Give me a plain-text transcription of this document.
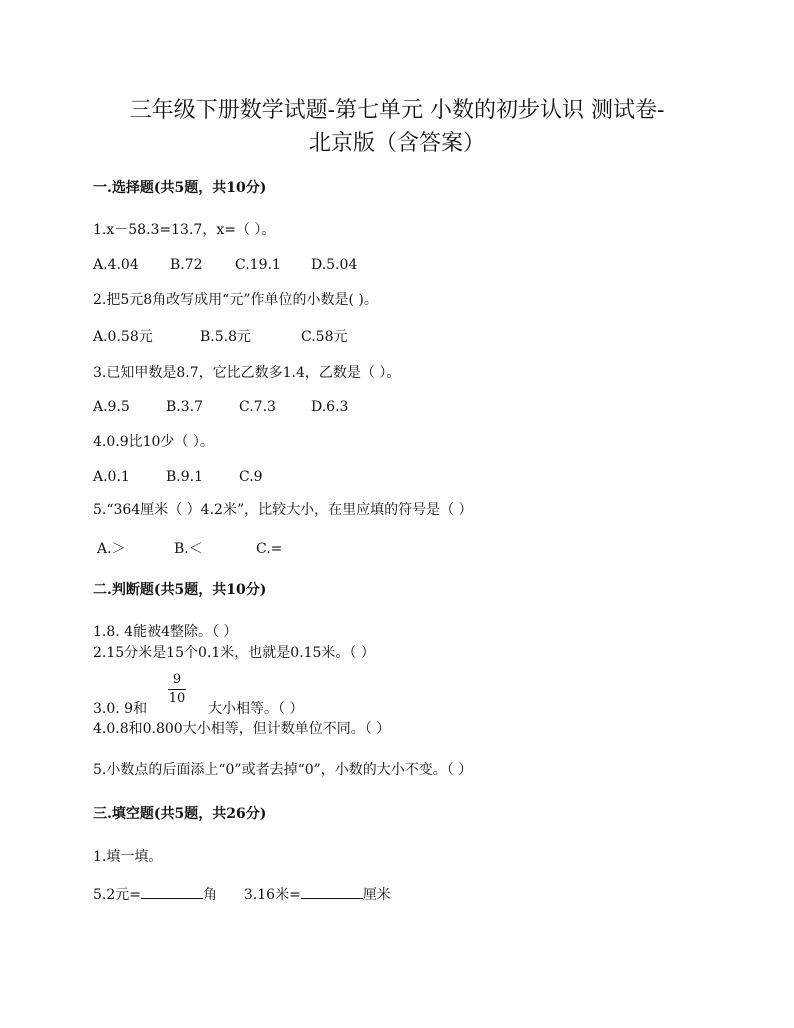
三年级下册数学试题-第七单元 小数的初步认识 测试卷-
北京版（含答案）
一.选择题(共5题，共10分)
1.x－58.3=13.7，x=（ ）。
A.4.04 B.72 C.19.1 D.5.04
2.把5元8角改写成用“元”作单位的小数是( )。
A.0.58元	B.5.8元	C.58元
3.已知甲数是8.7，它比乙数多1.4，乙数是（ ）。
A.9.5	B.3.7	C.7.3	D.6.3
4.0.9比10少（ ）。
A.0.1	B.9.1	C.9
5.“364厘米（ ）4.2米”，比较大小，在里应填的符号是（ ）
A.＞	B.＜	C.=
二.判断题(共5题，共10分)
1.8. 4能被4整除。（ ）
2.15分米是15个0.1米，也就是0.15米。（ ）
9
10
3.0. 9和	大小相等。（ ）
4.0.8和0.800大小相等，但计数单位不同。（ ）
5.小数点的后面添上“0”或者去掉“0”，小数的大小不变。（ ）
三.填空题(共5题，共26分)
1.填一填。
5.2元=	角 3.16米=	厘米
